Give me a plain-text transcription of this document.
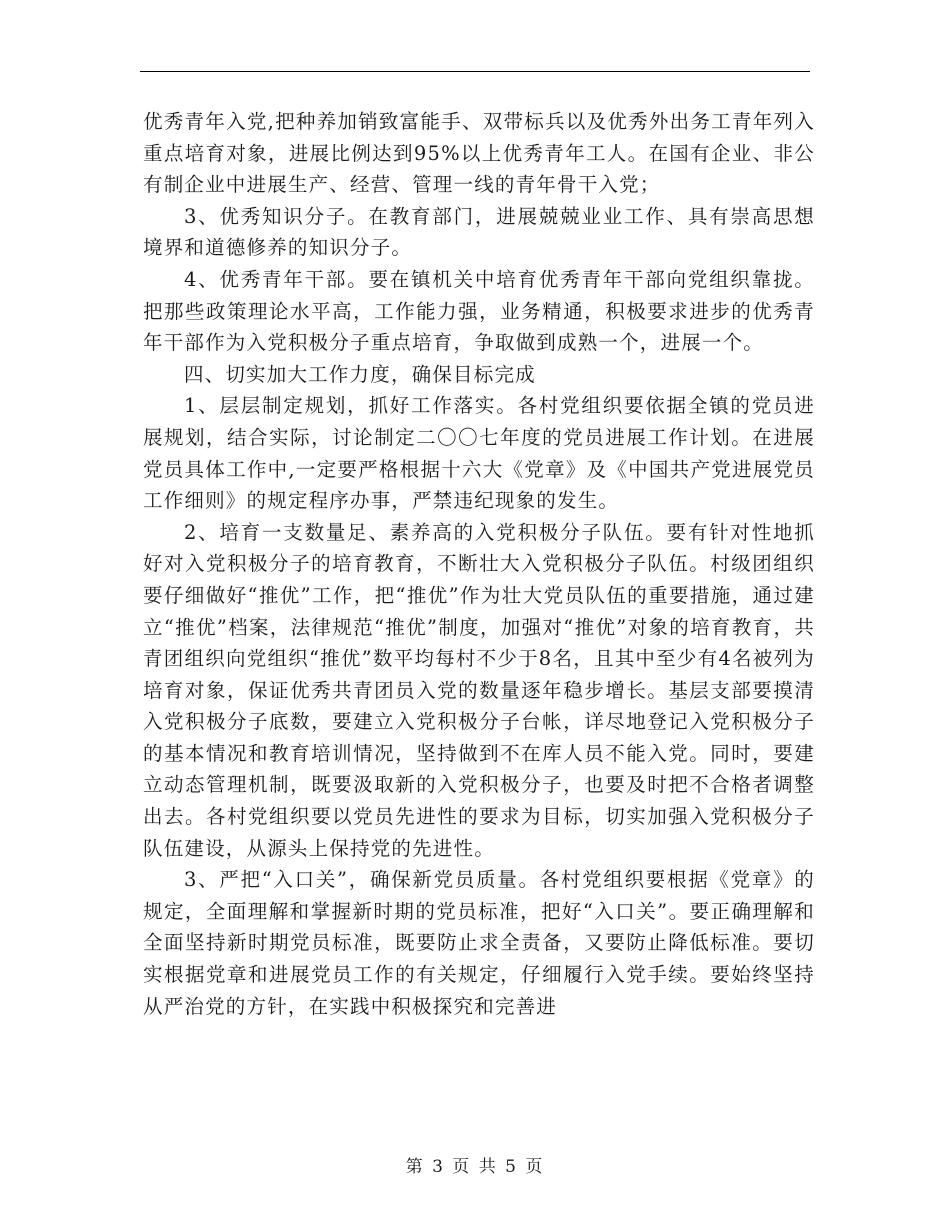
优秀青年入党,把种养加销致富能手、双带标兵以及优秀外出务工青年列入重点培育对象，进展比例达到95%以上优秀青年工人。在国有企业、非公有制企业中进展生产、经营、管理一线的青年骨干入党；

3、优秀知识分子。在教育部门，进展兢兢业业工作、具有崇高思想境界和道德修养的知识分子。

4、优秀青年干部。要在镇机关中培育优秀青年干部向党组织靠拢。把那些政策理论水平高，工作能力强，业务精通，积极要求进步的优秀青年干部作为入党积极分子重点培育，争取做到成熟一个，进展一个。

四、切实加大工作力度，确保目标完成

1、层层制定规划，抓好工作落实。各村党组织要依据全镇的党员进展规划，结合实际，讨论制定二〇〇七年度的党员进展工作计划。在进展党员具体工作中,一定要严格根据十六大《党章》及《中国共产党进展党员工作细则》的规定程序办事，严禁违纪现象的发生。

2、培育一支数量足、素养高的入党积极分子队伍。要有针对性地抓好对入党积极分子的培育教育，不断壮大入党积极分子队伍。村级团组织要仔细做好“推优”工作，把“推优”作为壮大党员队伍的重要措施，通过建立“推优”档案，法律规范“推优”制度，加强对“推优”对象的培育教育，共青团组织向党组织“推优”数平均每村不少于8名，且其中至少有4名被列为培育对象，保证优秀共青团员入党的数量逐年稳步增长。基层支部要摸清入党积极分子底数，要建立入党积极分子台帐，详尽地登记入党积极分子的基本情况和教育培训情况，坚持做到不在库人员不能入党。同时，要建立动态管理机制，既要汲取新的入党积极分子，也要及时把不合格者调整出去。各村党组织要以党员先进性的要求为目标，切实加强入党积极分子队伍建设，从源头上保持党的先进性。

3、严把“入口关”，确保新党员质量。各村党组织要根据《党章》的规定，全面理解和掌握新时期的党员标准，把好“入口关”。要正确理解和全面坚持新时期党员标准，既要防止求全责备，又要防止降低标准。要切实根据党章和进展党员工作的有关规定，仔细履行入党手续。要始终坚持从严治党的方针，在实践中积极探究和完善进

第 3 页 共 5 页
